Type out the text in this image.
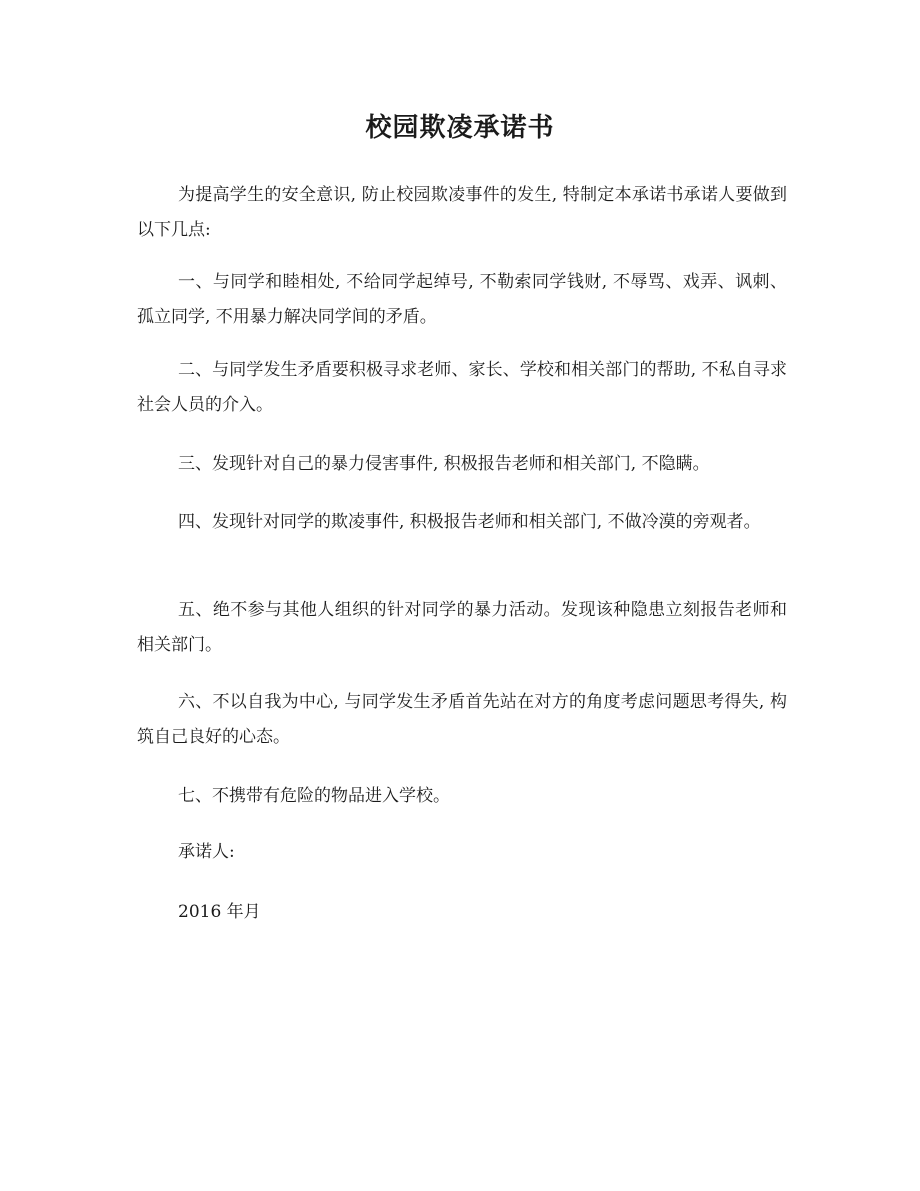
校园欺凌承诺书

为提高学生的安全意识, 防止校园欺凌事件的发生, 特制定本承诺书承诺人要做到以下几点:

一、与同学和睦相处, 不给同学起绰号, 不勒索同学钱财, 不辱骂、戏弄、讽刺、孤立同学, 不用暴力解决同学间的矛盾。

二、与同学发生矛盾要积极寻求老师、家长、学校和相关部门的帮助, 不私自寻求社会人员的介入。

三、发现针对自己的暴力侵害事件, 积极报告老师和相关部门, 不隐瞒。

四、发现针对同学的欺凌事件, 积极报告老师和相关部门, 不做冷漠的旁观者。

五、绝不参与其他人组织的针对同学的暴力活动。发现该种隐患立刻报告老师和相关部门。

六、不以自我为中心, 与同学发生矛盾首先站在对方的角度考虑问题思考得失, 构筑自己良好的心态。

七、不携带有危险的物品进入学校。

承诺人:

2016 年月
